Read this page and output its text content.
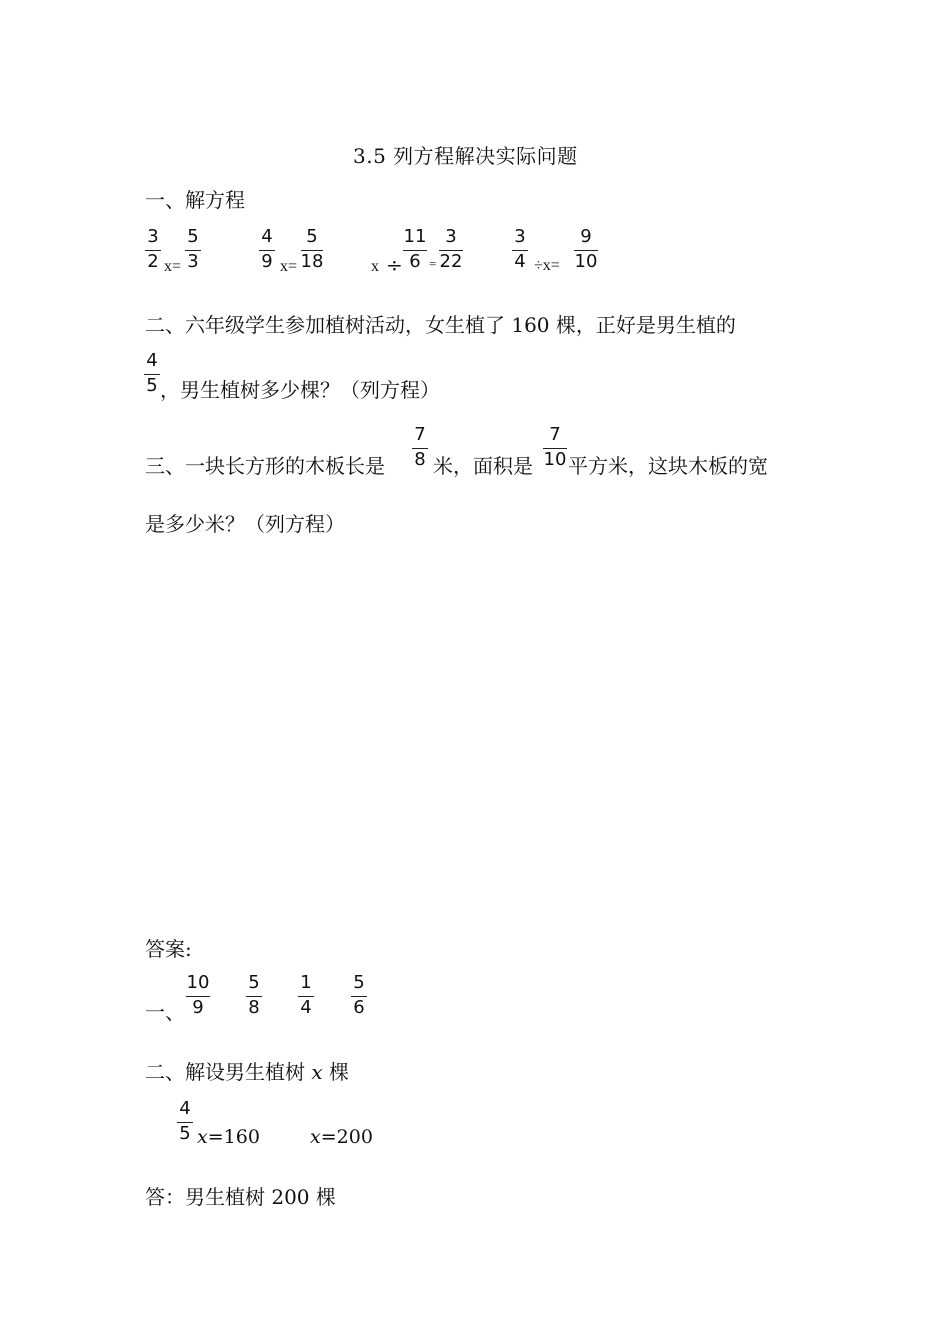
3.5 列方程解决实际问题
一、解方程
3
2 x=
5
3
4
9 x=
5
18	x ÷
11
6 =
3
22
3
4 ÷x=
9
10
二、六年级学生参加植树活动，女生植了 160 棵，正好是男生植的
4
5 ，男生植树多少棵？（列方程）
三、一块长方形的木板长是
7
8 米，面积是
7
10 平方米，这块木板的宽
是多少米？（列方程）
答案:
一、
10
9
5
8
1
4
5
6
二、解设男生植树 x 棵
4
5 x=160	x=200
答：男生植树 200 棵
